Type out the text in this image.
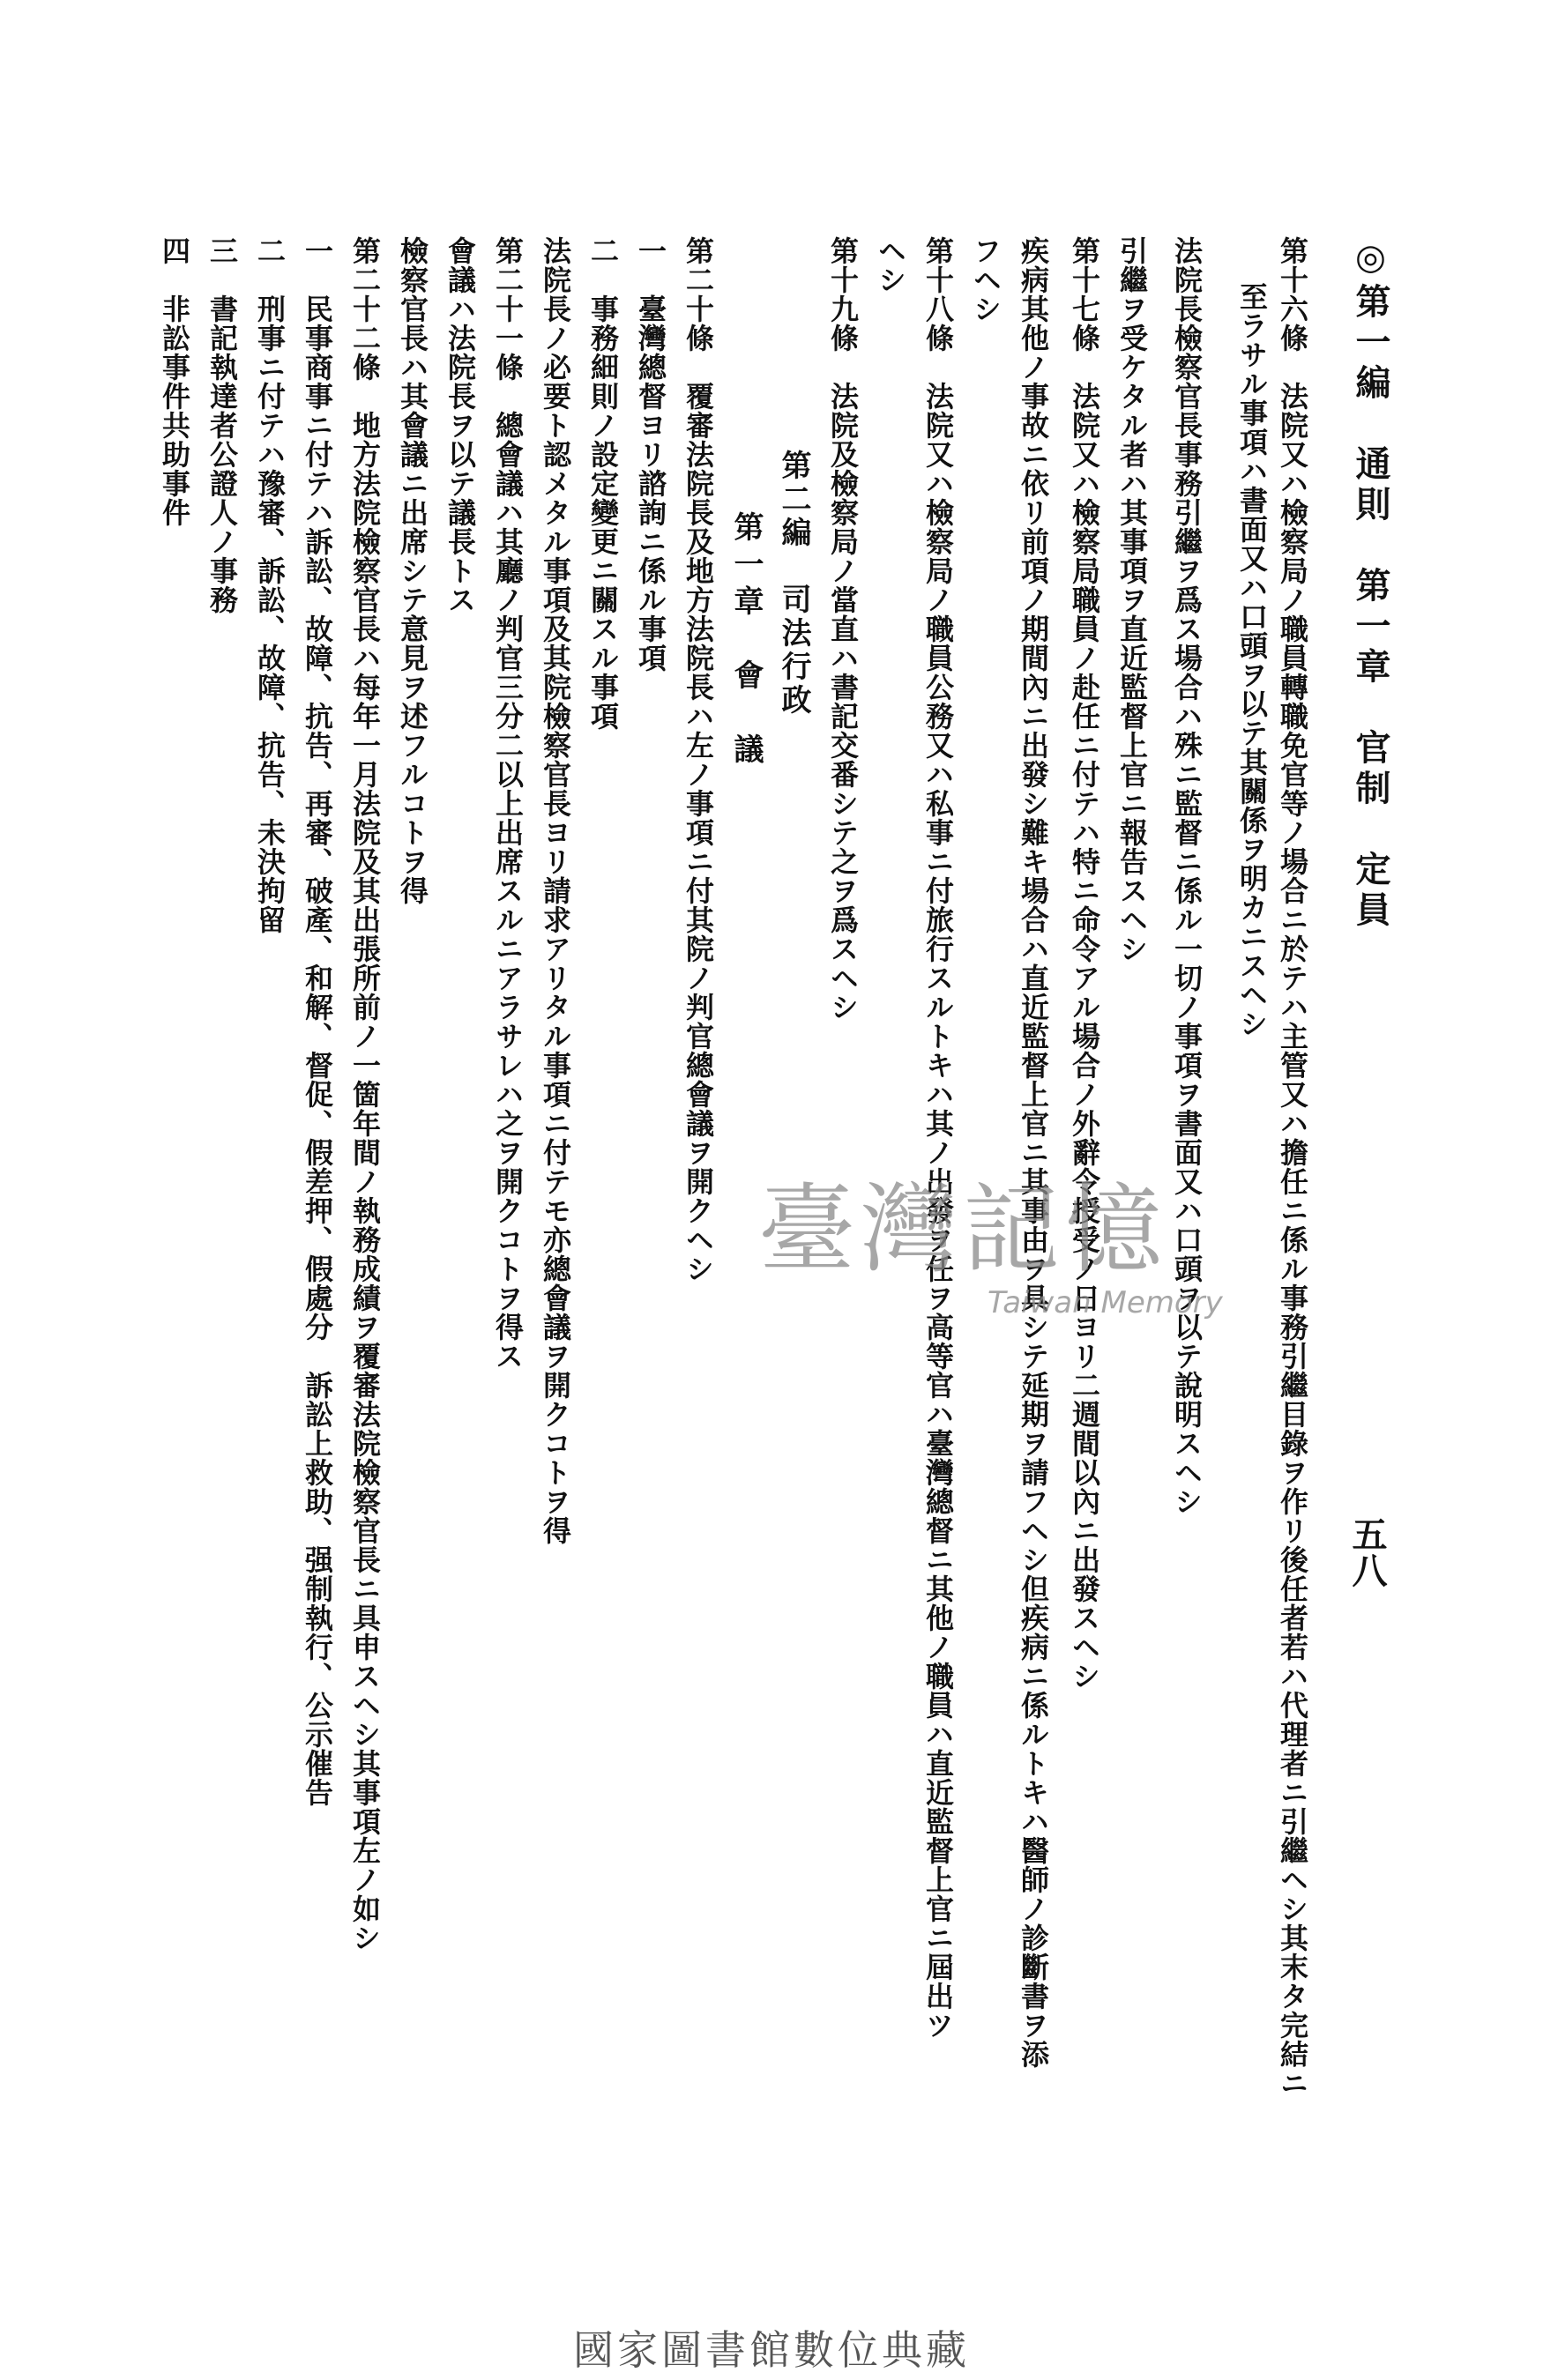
◎第一編　通則　第一章　官制　定員
五八
第十六條　法院又ハ檢察局ノ職員轉職免官等ノ場合ニ於テハ主管又ハ擔任ニ係ル事務引繼目錄ヲ作リ後任者若ハ代理者ニ引繼ヘシ其末タ完結ニ
至ラサル事項ハ書面又ハ口頭ヲ以テ其關係ヲ明カニスヘシ
法院長檢察官長事務引繼ヲ爲ス場合ハ殊ニ監督ニ係ル一切ノ事項ヲ書面又ハ口頭ヲ以テ說明スヘシ
引繼ヲ受ケタル者ハ其事項ヲ直近監督上官ニ報告スヘシ
第十七條　法院又ハ檢察局職員ノ赴任ニ付テハ特ニ命令アル場合ノ外辭令授受ノ日ヨリ二週間以內ニ出發スヘシ
疾病其他ノ事故ニ依リ前項ノ期間內ニ出發シ難キ場合ハ直近監督上官ニ其事由ヲ具シテ延期ヲ請フヘシ但疾病ニ係ルトキハ醫師ノ診斷書ヲ添
フヘシ
第十八條　法院又ハ檢察局ノ職員公務又ハ私事ニ付旅行スルトキハ其ノ出發ヲ任ヲ高等官ハ臺灣總督ニ其他ノ職員ハ直近監督上官ニ屆出ツ
ヘシ
第十九條　法院及檢察局ノ當直ハ書記交番シテ之ヲ爲スヘシ
第二編　司法行政
第一章　會　議
第二十條　覆審法院長及地方法院長ハ左ノ事項ニ付其院ノ判官總會議ヲ開クヘシ
一　臺灣總督ヨリ諮詢ニ係ル事項
二　事務細則ノ設定變更ニ關スル事項
法院長ノ必要ト認メタル事項及其院檢察官長ヨリ請求アリタル事項ニ付テモ亦總會議ヲ開クコトヲ得
第二十一條　總會議ハ其廳ノ判官三分二以上出席スルニアラサレハ之ヲ開クコトヲ得ス
會議ハ法院長ヲ以テ議長トス
檢察官長ハ其會議ニ出席シテ意見ヲ述フルコトヲ得
第二十二條　地方法院檢察官長ハ每年一月法院及其出張所前ノ一箇年間ノ執務成績ヲ覆審法院檢察官長ニ具申スヘシ其事項左ノ如シ
一　民事商事ニ付テハ訴訟、故障、抗告、再審、破產、和解、督促、假差押、假處分　訴訟上救助、强制執行、公示催告
二　刑事ニ付テハ豫審、訴訟、故障、抗告、未決拘留
三　書記執達者公證人ノ事務
四　非訟事件共助事件
臺灣記憶
Taiwan Memory
國家圖書館數位典藏
